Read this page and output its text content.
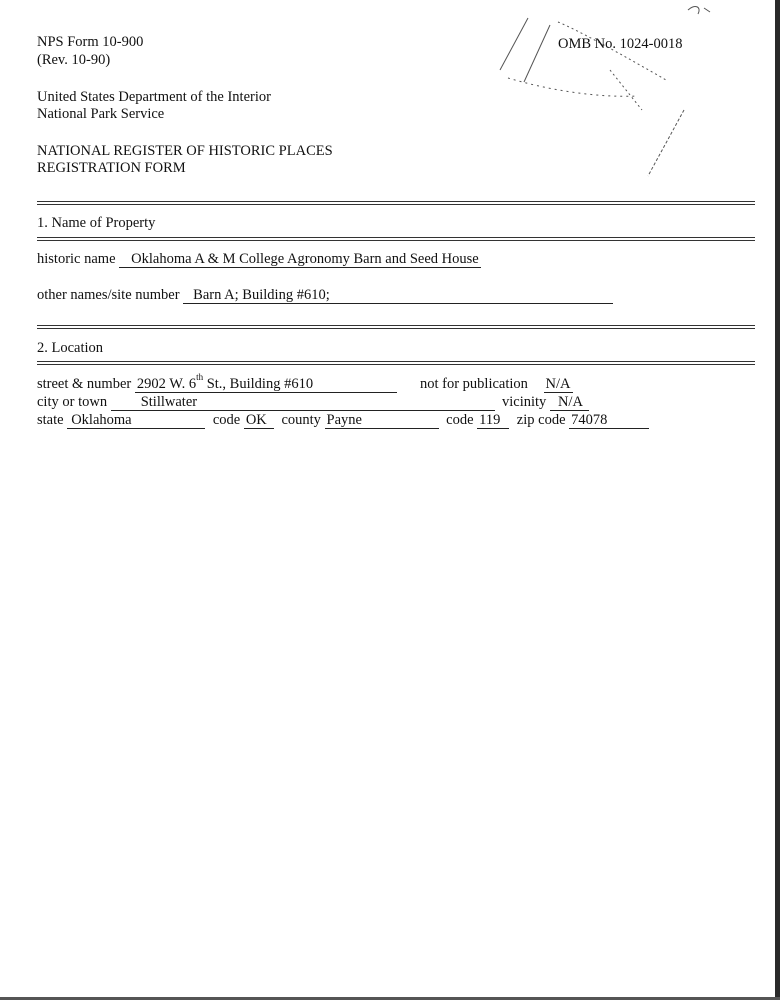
NPS Form 10-900
(Rev. 10-90)
OMB No. 1024-0018
United States Department of the Interior
National Park Service
NATIONAL REGISTER OF HISTORIC PLACES
REGISTRATION FORM
1. Name of Property
historic name Oklahoma A & M College Agronomy Barn and Seed House
other names/site number Barn A; Building #610;
2. Location
street & number 2902 W. 6th St., Building #610	not for publication N/A
city or town Stillwater	vicinity N/A
state Oklahoma	code OK county Payne	code 119 zip code 74078
